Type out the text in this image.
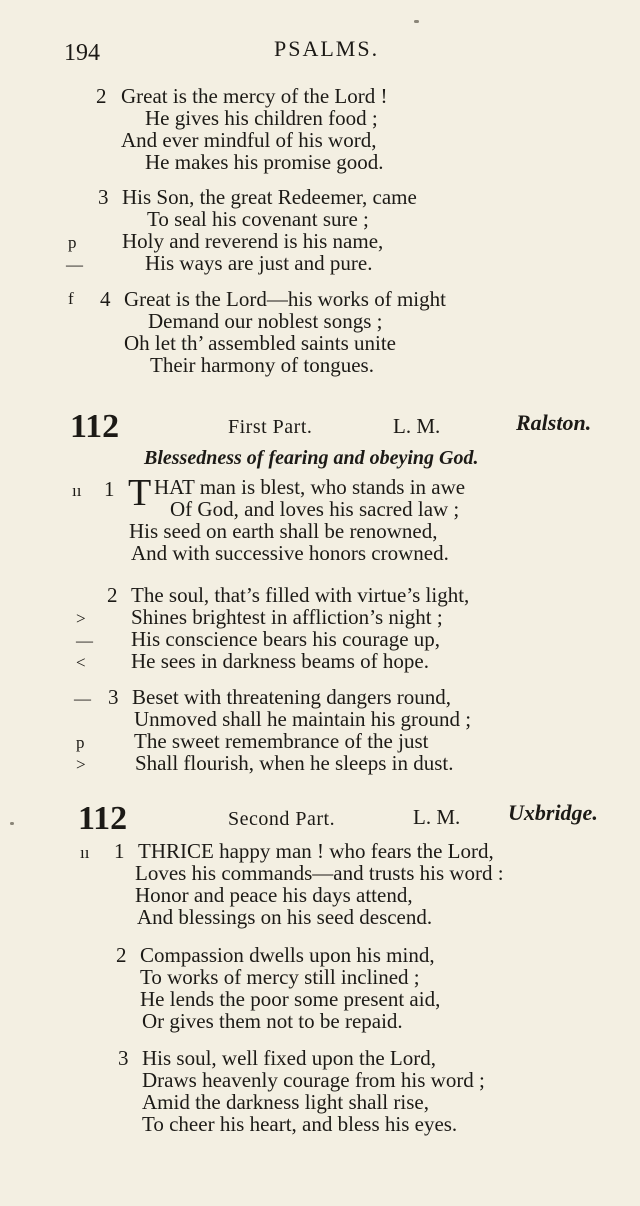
194	PSALMS.
2 Great is the mercy of the Lord !
He gives his children food ;
And ever mindful of his word,
He makes his promise good.
3 His Son, the great Redeemer, came
To seal his covenant sure ;
p Holy and reverend is his name,
—	His ways are just and pure.
f 4 Great is the Lord—his works of might
Demand our noblest songs ;
Oh let th’ assembled saints unite
Their harmony of tongues.
112	First Part.	L. M.	Ralston.
Blessedness of fearing and obeying God.
ıı 1 T HAT man is blest, who stands in awe
Of God, and loves his sacred law ;
His seed on earth shall be renowned,
And with successive honors crowned.
2 The soul, that’s filled with virtue’s light,
> Shines brightest in affliction’s night ;
— His conscience bears his courage up,
< He sees in darkness beams of hope.
— 3 Beset with threatening dangers round,
Unmoved shall he maintain his ground ;
p The sweet remembrance of the just
> Shall flourish, when he sleeps in dust.
112	Second Part.	L. M. Uxbridge.
ıı 1 THRICE happy man ! who fears the Lord,
Loves his commands—and trusts his word :
Honor and peace his days attend,
And blessings on his seed descend.
2 Compassion dwells upon his mind,
To works of mercy still inclined ;
He lends the poor some present aid,
Or gives them not to be repaid.
3 His soul, well fixed upon the Lord,
Draws heavenly courage from his word ;
Amid the darkness light shall rise,
To cheer his heart, and bless his eyes.
